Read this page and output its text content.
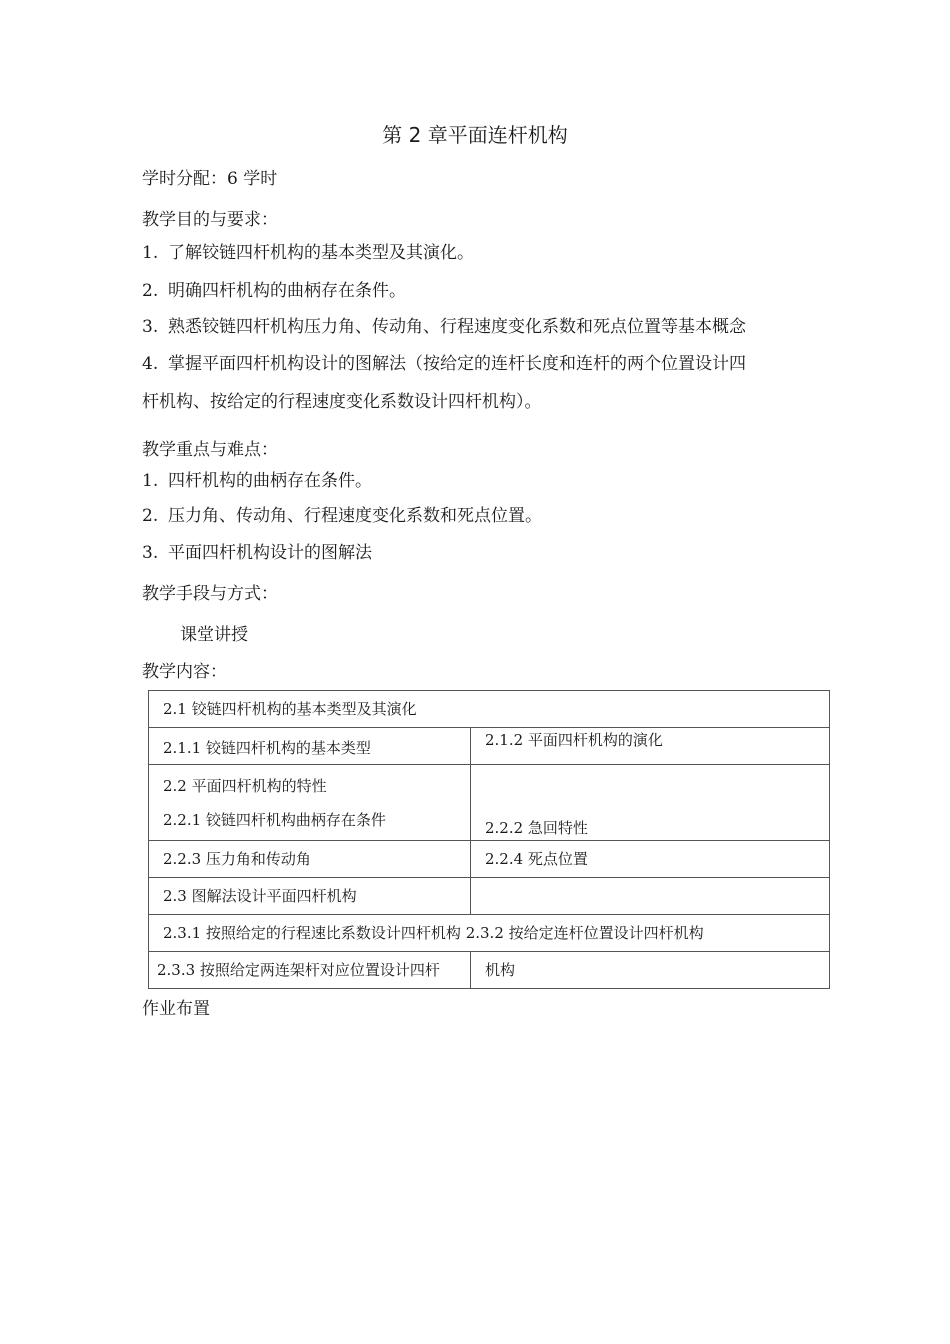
第 2 章平面连杆机构
学时分配：6 学时
教学目的与要求：
1. 了解铰链四杆机构的基本类型及其演化。
2. 明确四杆机构的曲柄存在条件。
3. 熟悉铰链四杆机构压力角、传动角、行程速度变化系数和死点位置等基本概念
4. 掌握平面四杆机构设计的图解法（按给定的连杆长度和连杆的两个位置设计四
杆机构、按给定的行程速度变化系数设计四杆机构）。
教学重点与难点：
1. 四杆机构的曲柄存在条件。
2. 压力角、传动角、行程速度变化系数和死点位置。
3. 平面四杆机构设计的图解法
教学手段与方式：
课堂讲授
教学内容：
2.1 铰链四杆机构的基本类型及其演化	
2.1.1 铰链四杆机构的基本类型	2.1.2 平面四杆机构的演化

2.2 平面四杆机构的特性
2.2.1 铰链四杆机构曲柄存在条件	2.2.2 急回特性
2.2.3 压力角和传动角	2.2.4 死点位置
2.3 图解法设计平面四杆机构	
2.3.1 按照给定的行程速比系数设计四杆机构 2.3.2 按给定连杆位置设计四杆机构	
2.3.3 按照给定两连架杆对应位置设计四杆	机构
作业布置
